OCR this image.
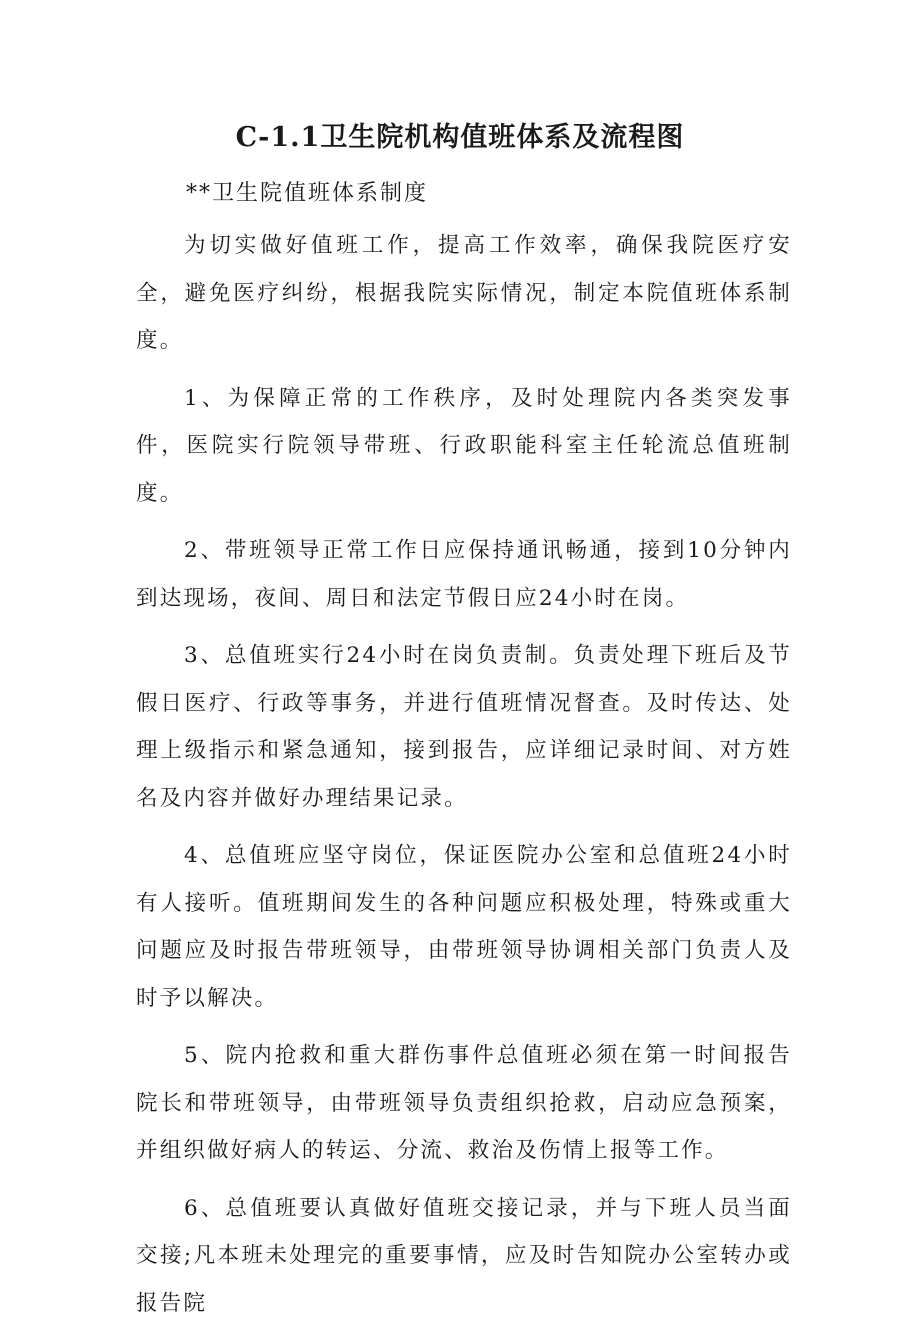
C-1.1卫生院机构值班体系及流程图
**卫生院值班体系制度

为切实做好值班工作，提高工作效率，确保我院医疗安全，避免医疗纠纷，根据我院实际情况，制定本院值班体系制度。

1、为保障正常的工作秩序，及时处理院内各类突发事件，医院实行院领导带班、行政职能科室主任轮流总值班制度。

2、带班领导正常工作日应保持通讯畅通，接到10分钟内到达现场，夜间、周日和法定节假日应24小时在岗。

3、总值班实行24小时在岗负责制。负责处理下班后及节假日医疗、行政等事务，并进行值班情况督查。及时传达、处理上级指示和紧急通知，接到报告，应详细记录时间、对方姓名及内容并做好办理结果记录。

4、总值班应坚守岗位，保证医院办公室和总值班24小时有人接听。值班期间发生的各种问题应积极处理，特殊或重大问题应及时报告带班领导，由带班领导协调相关部门负责人及时予以解决。

5、院内抢救和重大群伤事件总值班必须在第一时间报告院长和带班领导，由带班领导负责组织抢救，启动应急预案，并组织做好病人的转运、分流、救治及伤情上报等工作。

6、总值班要认真做好值班交接记录，并与下班人员当面交接;凡本班未处理完的重要事情，应及时告知院办公室转办或报告院
